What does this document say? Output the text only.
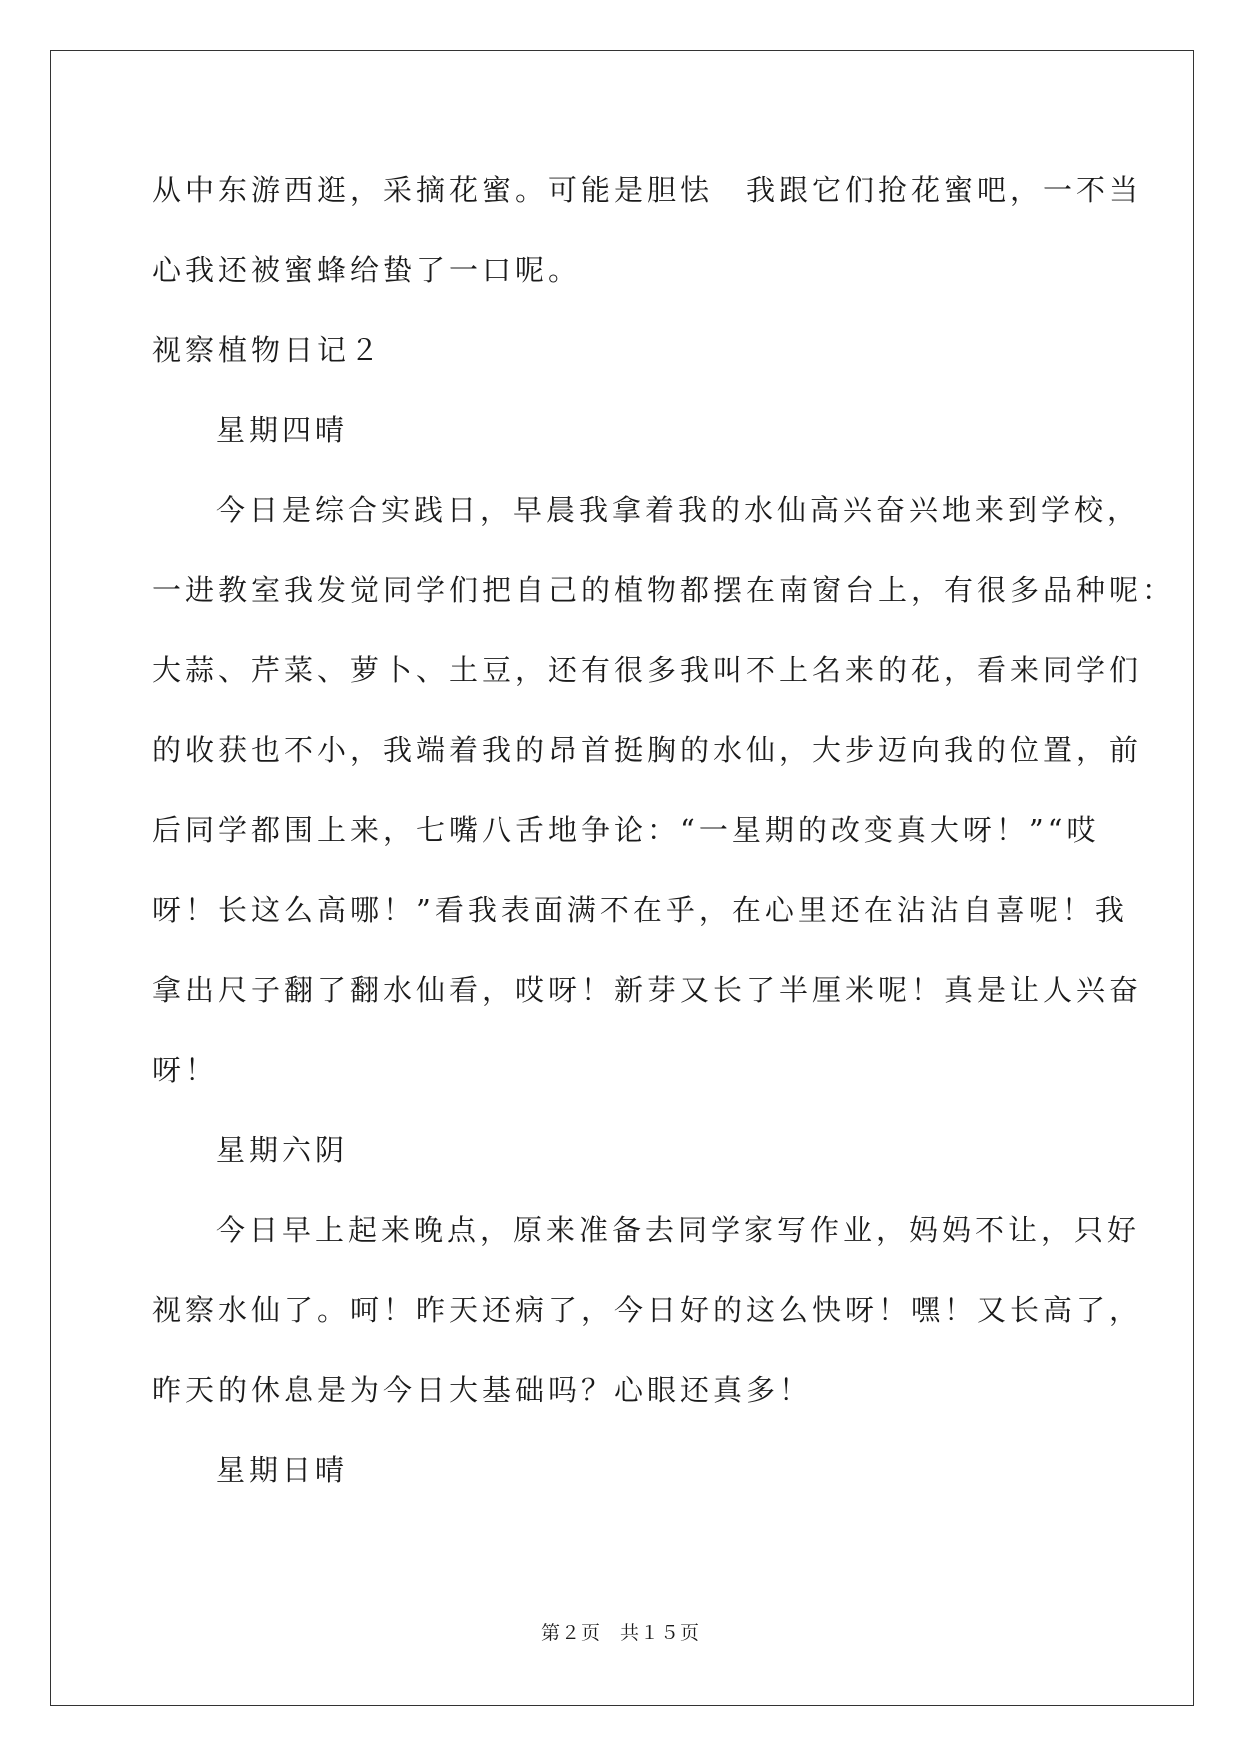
从中东游西逛，采摘花蜜。可能是胆怯　我跟它们抢花蜜吧，一不当
心我还被蜜蜂给蛰了一口呢。
视察植物日记２
星期四晴
今日是综合实践日，早晨我拿着我的水仙高兴奋兴地来到学校，
一进教室我发觉同学们把自己的植物都摆在南窗台上，有很多品种呢：
大蒜、芹菜、萝卜、土豆，还有很多我叫不上名来的花，看来同学们
的收获也不小，我端着我的昂首挺胸的水仙，大步迈向我的位置，前
后同学都围上来，七嘴八舌地争论：“一星期的改变真大呀！”“哎
呀！长这么高哪！”看我表面满不在乎，在心里还在沾沾自喜呢！我
拿出尺子翻了翻水仙看，哎呀！新芽又长了半厘米呢！真是让人兴奋
呀！
星期六阴
今日早上起来晚点，原来准备去同学家写作业，妈妈不让，只好
视察水仙了。呵！昨天还病了，今日好的这么快呀！嘿！又长高了，
昨天的休息是为今日大基础吗？心眼还真多！
星期日晴
第２页 共１５页
